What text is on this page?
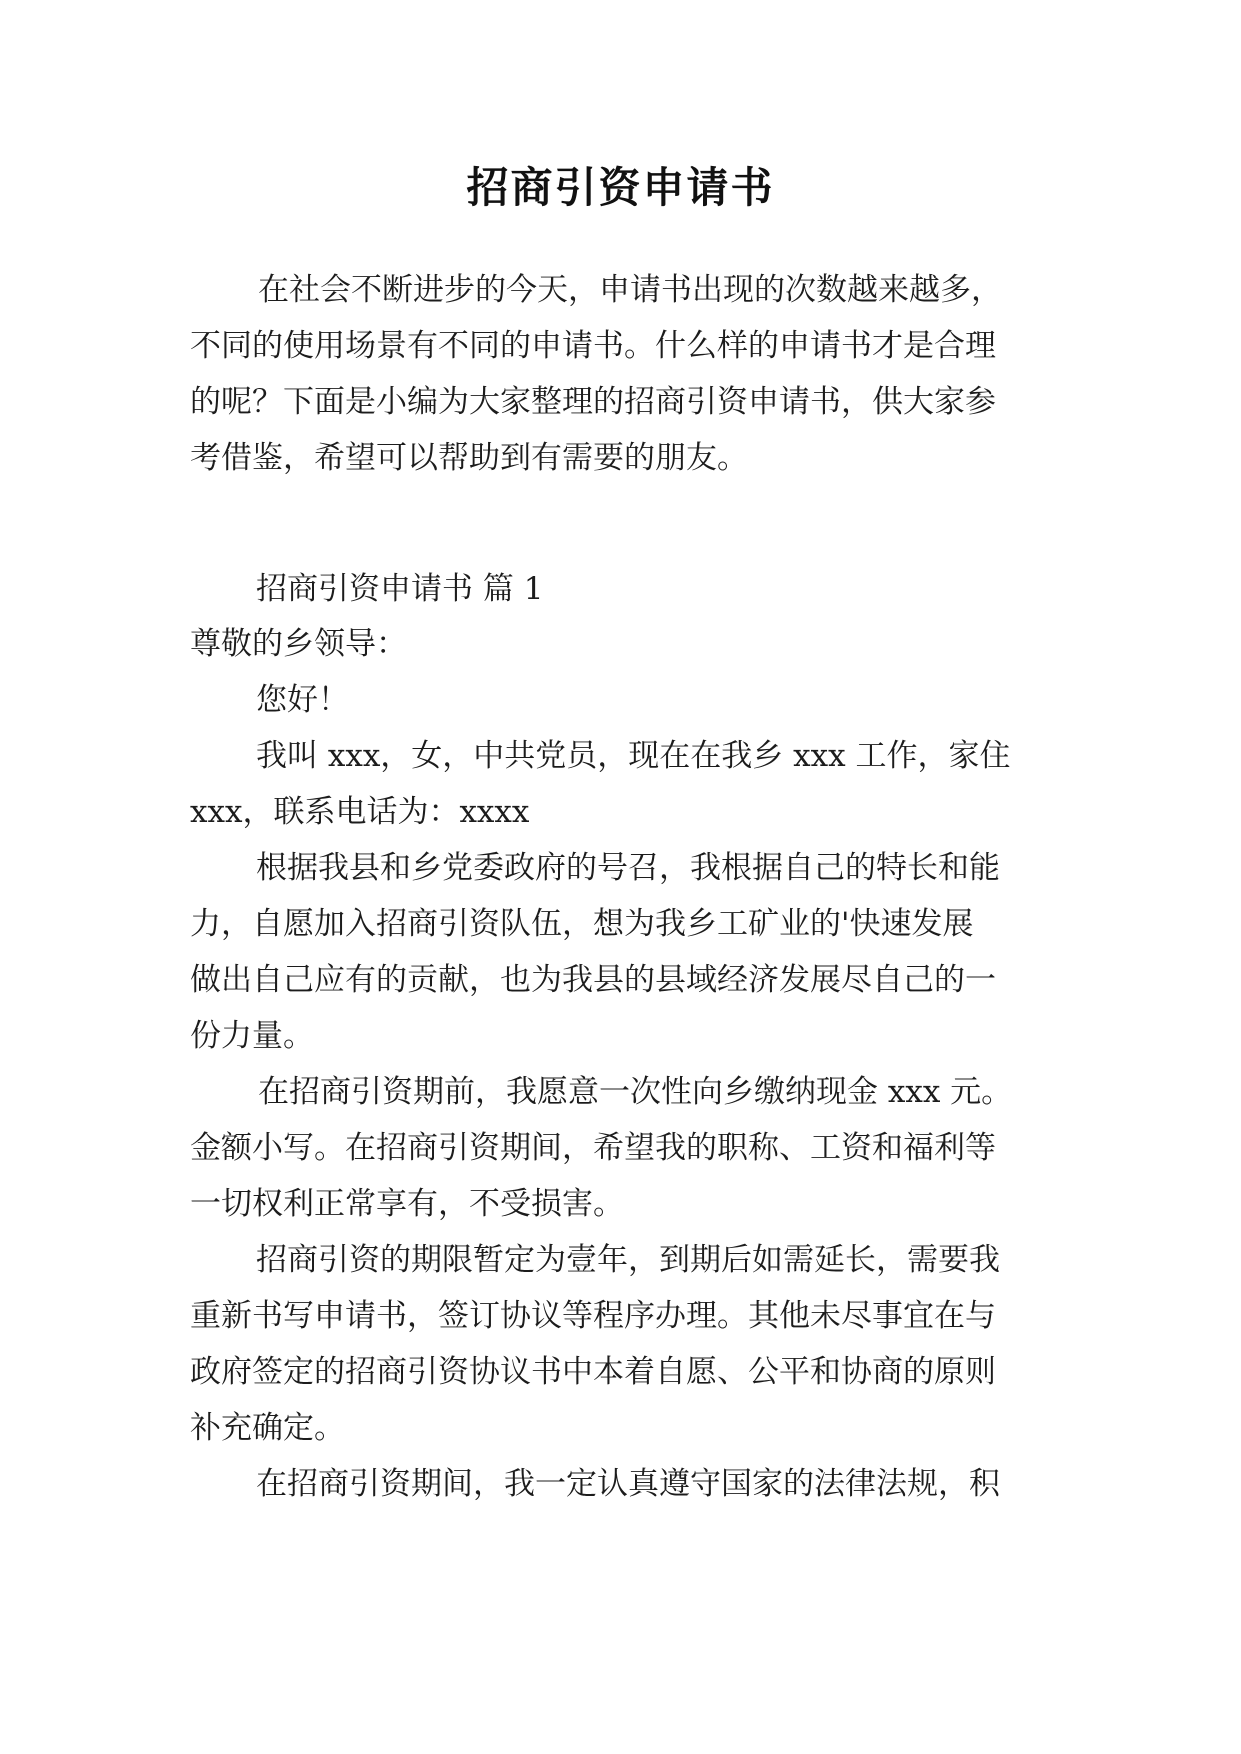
招商引资申请书
在社会不断进步的今天，申请书出现的次数越来越多，
不同的使用场景有不同的申请书。什么样的申请书才是合理
的呢？下面是小编为大家整理的招商引资申请书，供大家参
考借鉴，希望可以帮助到有需要的朋友。
招商引资申请书 篇 1
尊敬的乡领导：
您好！
我叫 xxx，女，中共党员，现在在我乡 xxx 工作，家住
xxx，联系电话为：xxxx
根据我县和乡党委政府的号召，我根据自己的特长和能
力，自愿加入招商引资队伍，想为我乡工矿业的'快速发展
做出自己应有的贡献，也为我县的县域经济发展尽自己的一
份力量。
在招商引资期前，我愿意一次性向乡缴纳现金 xxx 元。
金额小写。在招商引资期间，希望我的职称、工资和福利等
一切权利正常享有，不受损害。
招商引资的期限暂定为壹年，到期后如需延长，需要我
重新书写申请书，签订协议等程序办理。其他未尽事宜在与
政府签定的招商引资协议书中本着自愿、公平和协商的原则
补充确定。
在招商引资期间，我一定认真遵守国家的法律法规，积
